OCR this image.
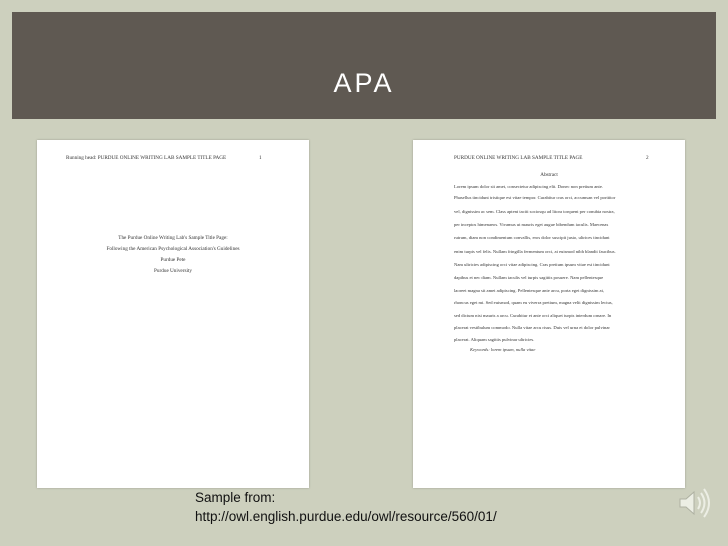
APA
Running head: PURDUE ONLINE WRITING LAB SAMPLE TITLE PAGE	1
The Purdue Online Writing Lab's Sample Title Page:
Following the American Psychological Association's Guidelines
Purdue Pete
Purdue University
PURDUE ONLINE WRITING LAB SAMPLE TITLE PAGE	2
Abstract
Lorem ipsum dolor sit amet, consectetur adipiscing elit. Donec non pretium ante.
Phasellus tincidunt tristique est vitae tempor. Curabitur cras orci, accumsan vel porttitor
vel, dignissim ac sem. Class aptent taciti sociosqu ad litora torquent per conubia nostra,
per inceptos himenaeos. Vivamus ut mauris eget augue bibendum iaculis. Maecenas
rutrum, diam non condimentum convallis, eros dolor suscipit justo, ultrices tincidunt
enim turpis vel felis. Nullam fringilla fermentum orci, at euismod nibh blandit faucibus.
Nam ultricies adipiscing orci vitae adipiscing. Cras pretium ipsum vitae est tincidunt
dapibus et nec diam. Nullam iaculis vel turpis sagittis posuere. Nam pellentesque
laoreet magna sit amet adipiscing. Pellentesque ante arcu, porta eget dignissim at,
rhoncus eget mi. Sed euismod, quam eu viverra pretium, magna velit dignissim lectus,
sed dictum nisi mauris a arcu. Curabitur et ante orci aliquet turpis interdum ornare. In
placerat vestibulum commodo. Nulla vitae arcu risus. Duis vel urna et dolor pulvinar
placerat. Aliquam sagittis pulvinar ultricies.
Keywords: lorem ipsum, nulla vitae
Sample from:
http://owl.english.purdue.edu/owl/resource/560/01/
